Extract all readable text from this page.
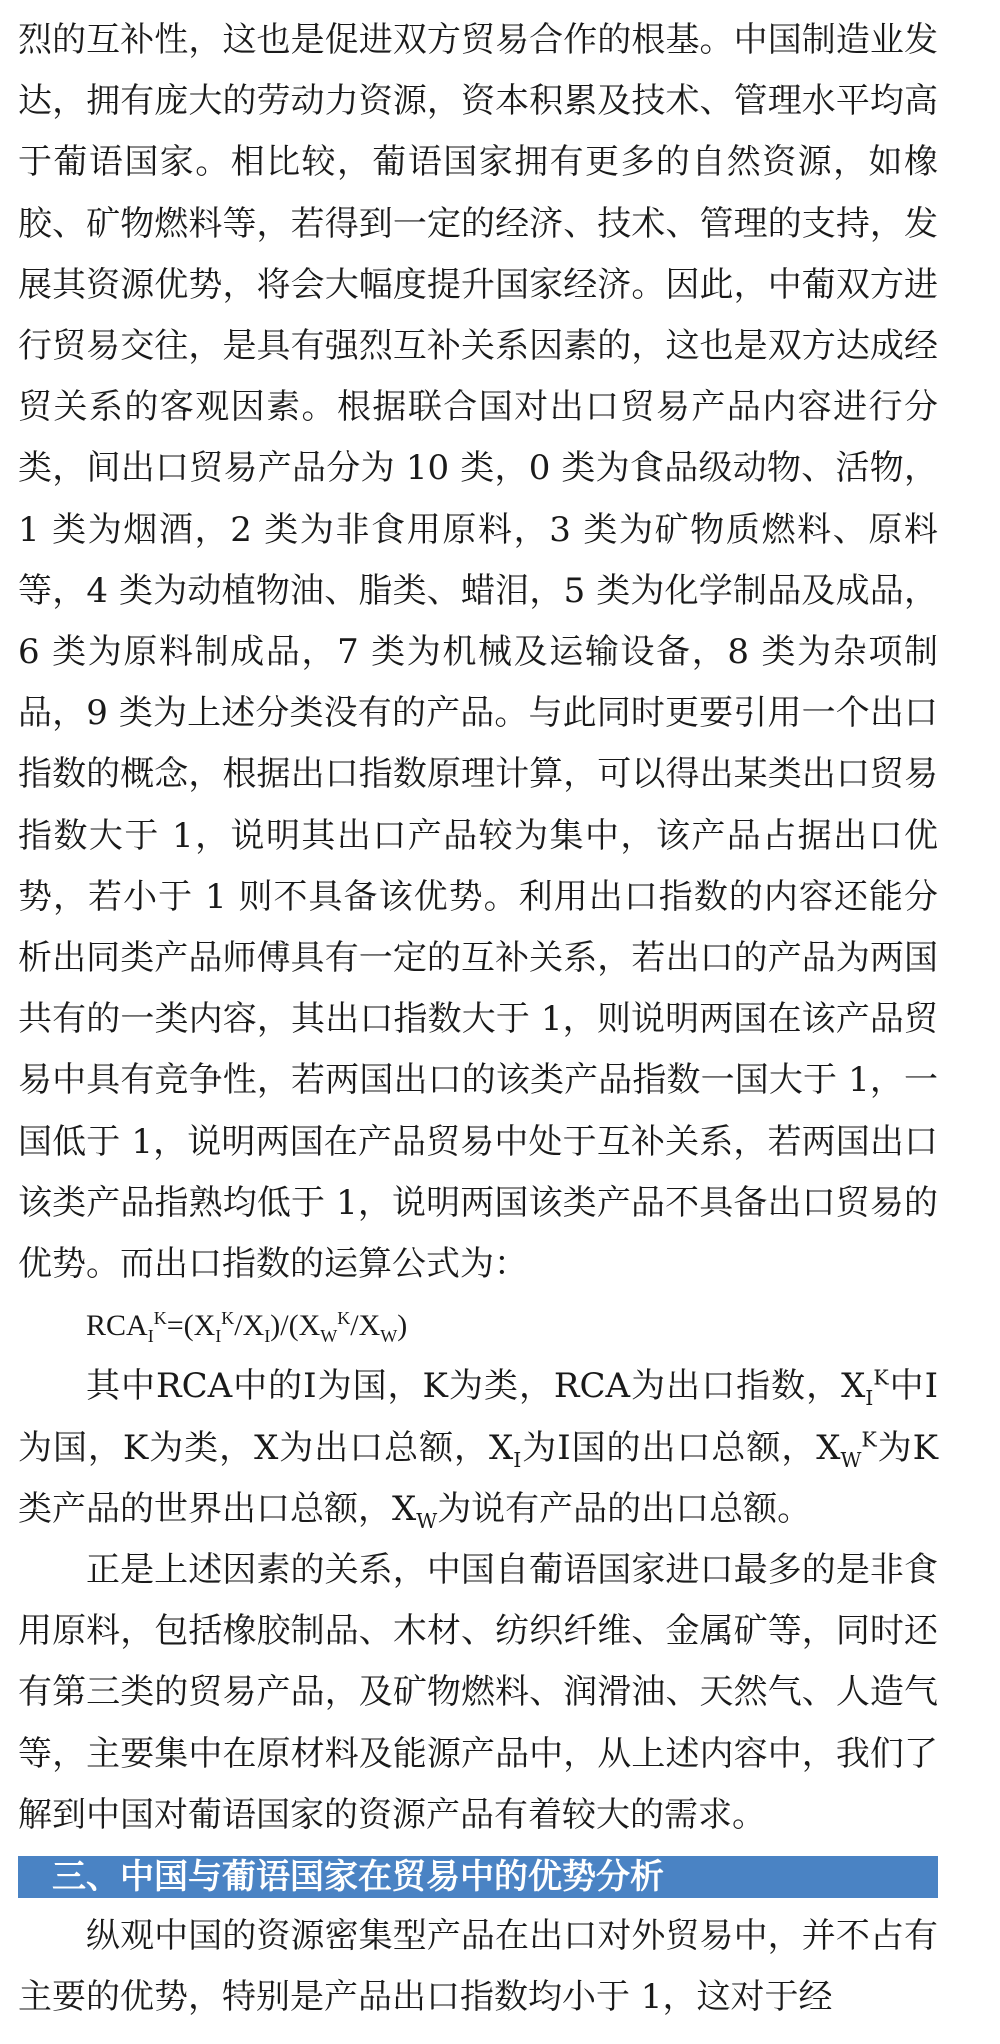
烈的互补性，这也是促进双方贸易合作的根基。中国制造业发达，拥有庞大的劳动力资源，资本积累及技术、管理水平均高于葡语国家。相比较，葡语国家拥有更多的自然资源，如橡胶、矿物燃料等，若得到一定的经济、技术、管理的支持，发展其资源优势，将会大幅度提升国家经济。因此，中葡双方进行贸易交往，是具有强烈互补关系因素的，这也是双方达成经贸关系的客观因素。根据联合国对出口贸易产品内容进行分类，间出口贸易产品分为 10 类，0 类为食品级动物、活物，1 类为烟酒，2 类为非食用原料，3 类为矿物质燃料、原料等，4 类为动植物油、脂类、蜡泪，5 类为化学制品及成品，6 类为原料制成品，7 类为机械及运输设备，8 类为杂项制品，9 类为上述分类没有的产品。与此同时更要引用一个出口指数的概念，根据出口指数原理计算，可以得出某类出口贸易指数大于 1，说明其出口产品较为集中，该产品占据出口优势，若小于 1 则不具备该优势。利用出口指数的内容还能分析出同类产品师傅具有一定的互补关系，若出口的产品为两国共有的一类内容，其出口指数大于 1，则说明两国在该产品贸易中具有竞争性，若两国出口的该类产品指数一国大于 1，一国低于 1，说明两国在产品贸易中处于互补关系，若两国出口该类产品指熟均低于 1，说明两国该类产品不具备出口贸易的优势。而出口指数的运算公式为：

$RCA_I^K=(X_I^K/X_I)/(X_W^K/X_W)$

其中RCA中的I为国，K为类，RCA为出口指数，$X_I^K$中I为国，K为类，X为出口总额，$X_I$为I国的出口总额，$X_W^K$为K类产品的世界出口总额，$X_W$为说有产品的出口总额。

正是上述因素的关系，中国自葡语国家进口最多的是非食用原料，包括橡胶制品、木材、纺织纤维、金属矿等，同时还有第三类的贸易产品，及矿物燃料、润滑油、天然气、人造气等，主要集中在原材料及能源产品中，从上述内容中，我们了解到中国对葡语国家的资源产品有着较大的需求。

三、中国与葡语国家在贸易中的优势分析

纵观中国的资源密集型产品在出口对外贸易中，并不占有主要的优势，特别是产品出口指数均小于 1，这对于经
